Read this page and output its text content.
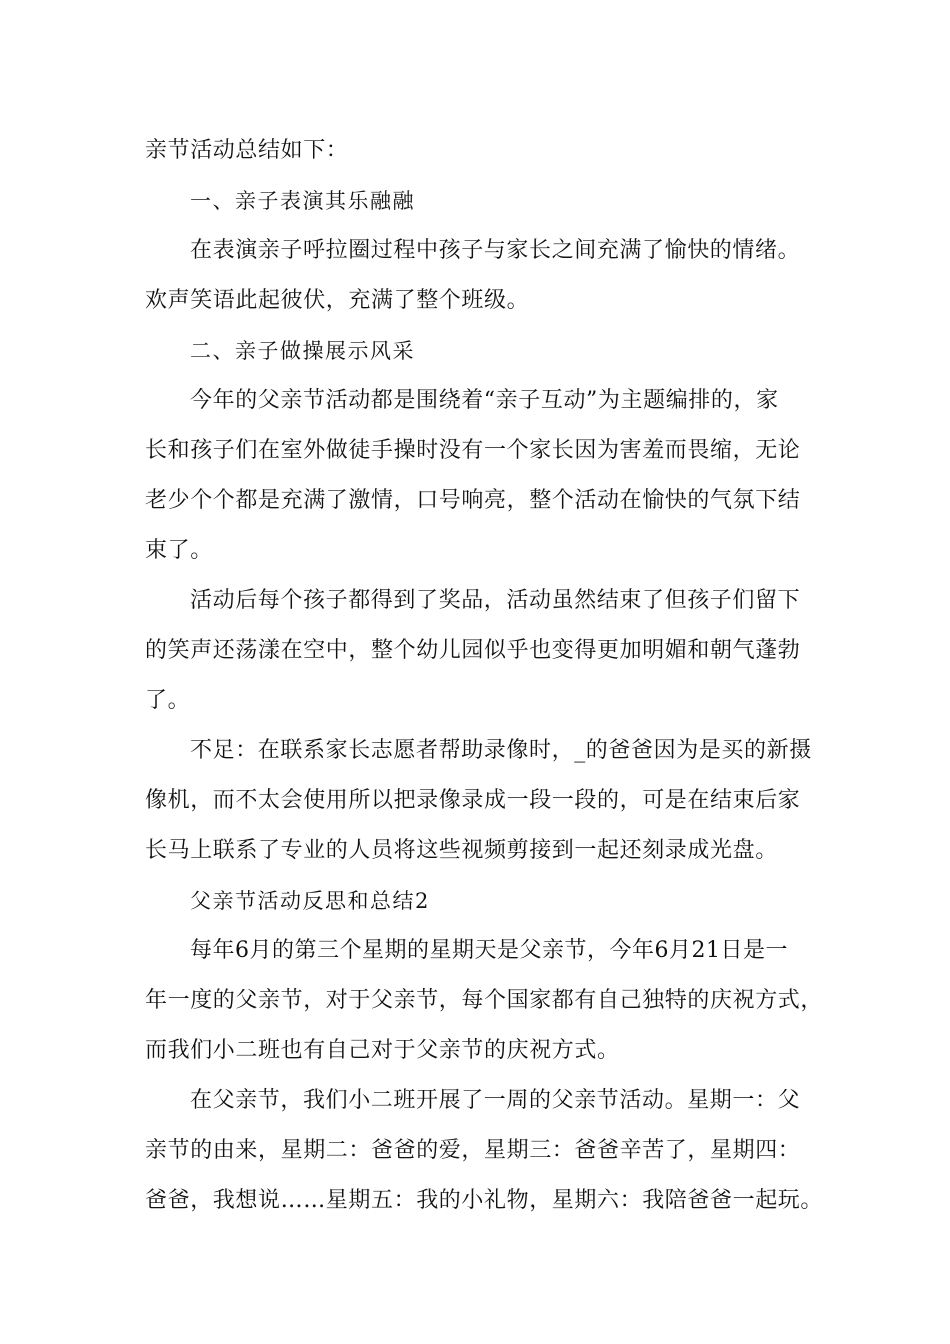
亲节活动总结如下：
一、亲子表演其乐融融
在表演亲子呼拉圈过程中孩子与家长之间充满了愉快的情绪。
欢声笑语此起彼伏，充满了整个班级。
二、亲子做操展示风采
今年的父亲节活动都是围绕着“亲子互动”为主题编排的，家
长和孩子们在室外做徒手操时没有一个家长因为害羞而畏缩，无论
老少个个都是充满了激情，口号响亮，整个活动在愉快的气氛下结
束了。
活动后每个孩子都得到了奖品，活动虽然结束了但孩子们留下
的笑声还荡漾在空中，整个幼儿园似乎也变得更加明媚和朝气蓬勃
了。
不足：在联系家长志愿者帮助录像时，_的爸爸因为是买的新摄
像机，而不太会使用所以把录像录成一段一段的，可是在结束后家
长马上联系了专业的人员将这些视频剪接到一起还刻录成光盘。
父亲节活动反思和总结2
每年6月的第三个星期的星期天是父亲节，今年6月21日是一
年一度的父亲节，对于父亲节，每个国家都有自己独特的庆祝方式，
而我们小二班也有自己对于父亲节的庆祝方式。
在父亲节，我们小二班开展了一周的父亲节活动。星期一：父
亲节的由来，星期二：爸爸的爱，星期三：爸爸辛苦了，星期四：
爸爸，我想说……星期五：我的小礼物，星期六：我陪爸爸一起玩。
